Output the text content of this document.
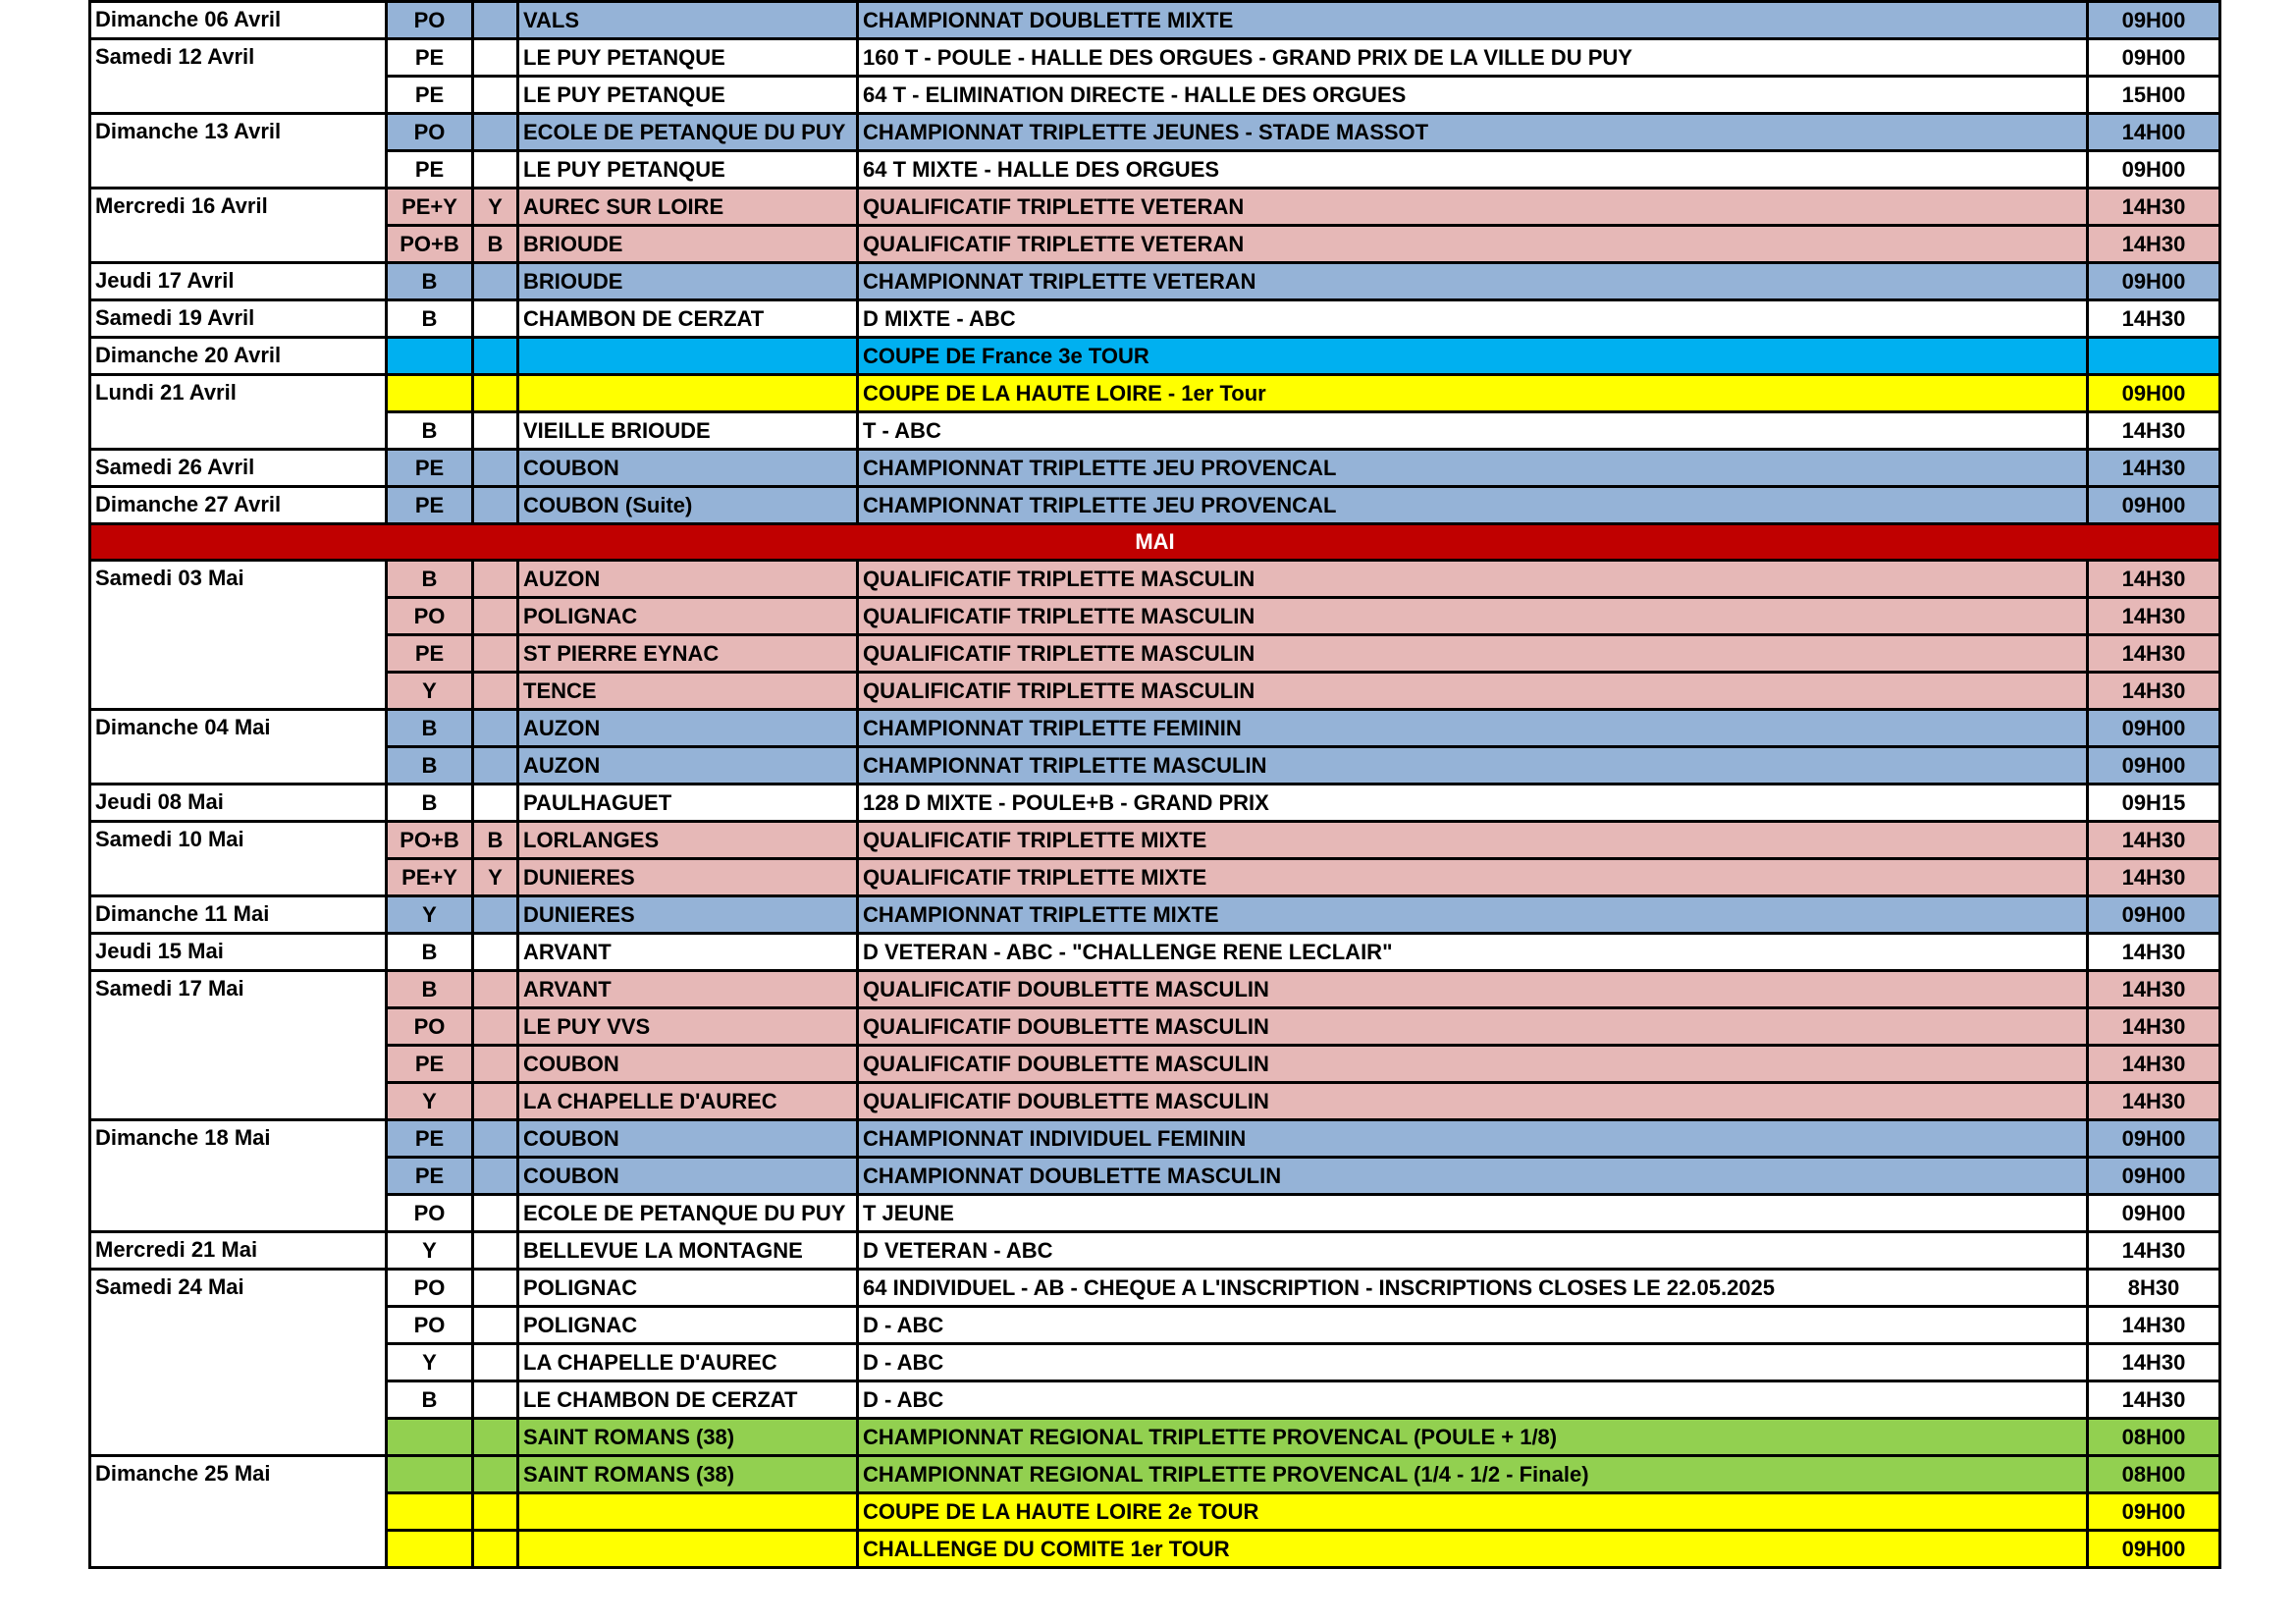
Dimanche 06 Avril	PO		VALS	CHAMPIONNAT DOUBLETTE MIXTE	09H00
Samedi 12 Avril	PE		LE PUY PETANQUE	160 T - POULE - HALLE DES ORGUES - GRAND PRIX DE LA VILLE DU PUY	09H00
	PE		LE PUY PETANQUE	64 T - ELIMINATION DIRECTE - HALLE DES ORGUES	15H00
Dimanche 13 Avril	PO		ECOLE DE PETANQUE DU PUY	CHAMPIONNAT TRIPLETTE JEUNES - STADE MASSOT	14H00
	PE		LE PUY PETANQUE	64 T MIXTE - HALLE DES ORGUES	09H00
Mercredi 16 Avril	PE+Y	Y	AUREC SUR LOIRE	QUALIFICATIF TRIPLETTE VETERAN	14H30
	PO+B	B	BRIOUDE	QUALIFICATIF TRIPLETTE VETERAN	14H30
Jeudi 17 Avril	B		BRIOUDE	CHAMPIONNAT TRIPLETTE VETERAN	09H00
Samedi 19 Avril	B		CHAMBON DE CERZAT	D MIXTE - ABC	14H30
Dimanche 20 Avril				COUPE DE France 3e TOUR	
Lundi 21 Avril				COUPE DE LA HAUTE LOIRE - 1er Tour	09H00
	B		VIEILLE BRIOUDE	T - ABC	14H30
Samedi 26 Avril	PE		COUBON	CHAMPIONNAT TRIPLETTE JEU PROVENCAL	14H30
Dimanche 27 Avril	PE		COUBON (Suite)	CHAMPIONNAT TRIPLETTE JEU PROVENCAL	09H00
MAI					
Samedi 03 Mai	B		AUZON	QUALIFICATIF TRIPLETTE MASCULIN	14H30
	PO		POLIGNAC	QUALIFICATIF TRIPLETTE MASCULIN	14H30
	PE		ST PIERRE EYNAC	QUALIFICATIF TRIPLETTE MASCULIN	14H30
	Y		TENCE	QUALIFICATIF TRIPLETTE MASCULIN	14H30
Dimanche 04 Mai	B		AUZON	CHAMPIONNAT TRIPLETTE FEMININ	09H00
	B		AUZON	CHAMPIONNAT TRIPLETTE MASCULIN	09H00
Jeudi 08 Mai	B		PAULHAGUET	128 D MIXTE - POULE+B - GRAND PRIX	09H15
Samedi 10 Mai	PO+B	B	LORLANGES	QUALIFICATIF TRIPLETTE MIXTE	14H30
	PE+Y	Y	DUNIERES	QUALIFICATIF TRIPLETTE MIXTE	14H30
Dimanche 11 Mai	Y		DUNIERES	CHAMPIONNAT TRIPLETTE MIXTE	09H00
Jeudi 15 Mai	B		ARVANT	D VETERAN - ABC - "CHALLENGE RENE LECLAIR"	14H30
Samedi 17 Mai	B		ARVANT	QUALIFICATIF DOUBLETTE MASCULIN	14H30
	PO		LE PUY VVS	QUALIFICATIF DOUBLETTE MASCULIN	14H30
	PE		COUBON	QUALIFICATIF DOUBLETTE MASCULIN	14H30
	Y		LA CHAPELLE D'AUREC	QUALIFICATIF DOUBLETTE MASCULIN	14H30
Dimanche 18 Mai	PE		COUBON	CHAMPIONNAT INDIVIDUEL FEMININ	09H00
	PE		COUBON	CHAMPIONNAT DOUBLETTE MASCULIN	09H00
	PO		ECOLE DE PETANQUE DU PUY	T JEUNE	09H00
Mercredi 21 Mai	Y		BELLEVUE LA MONTAGNE	D VETERAN - ABC	14H30
Samedi 24 Mai	PO		POLIGNAC	64 INDIVIDUEL - AB - CHEQUE A L'INSCRIPTION - INSCRIPTIONS CLOSES LE 22.05.2025	8H30
	PO		POLIGNAC	D - ABC	14H30
	Y		LA CHAPELLE D'AUREC	D - ABC	14H30
	B		LE CHAMBON DE CERZAT	D - ABC	14H30
			SAINT ROMANS (38)	CHAMPIONNAT REGIONAL TRIPLETTE PROVENCAL (POULE + 1/8)	08H00
Dimanche 25 Mai			SAINT ROMANS (38)	CHAMPIONNAT REGIONAL TRIPLETTE PROVENCAL (1/4 - 1/2 - Finale)	08H00
				COUPE DE LA HAUTE LOIRE 2e TOUR	09H00
				CHALLENGE DU COMITE 1er TOUR	09H00
